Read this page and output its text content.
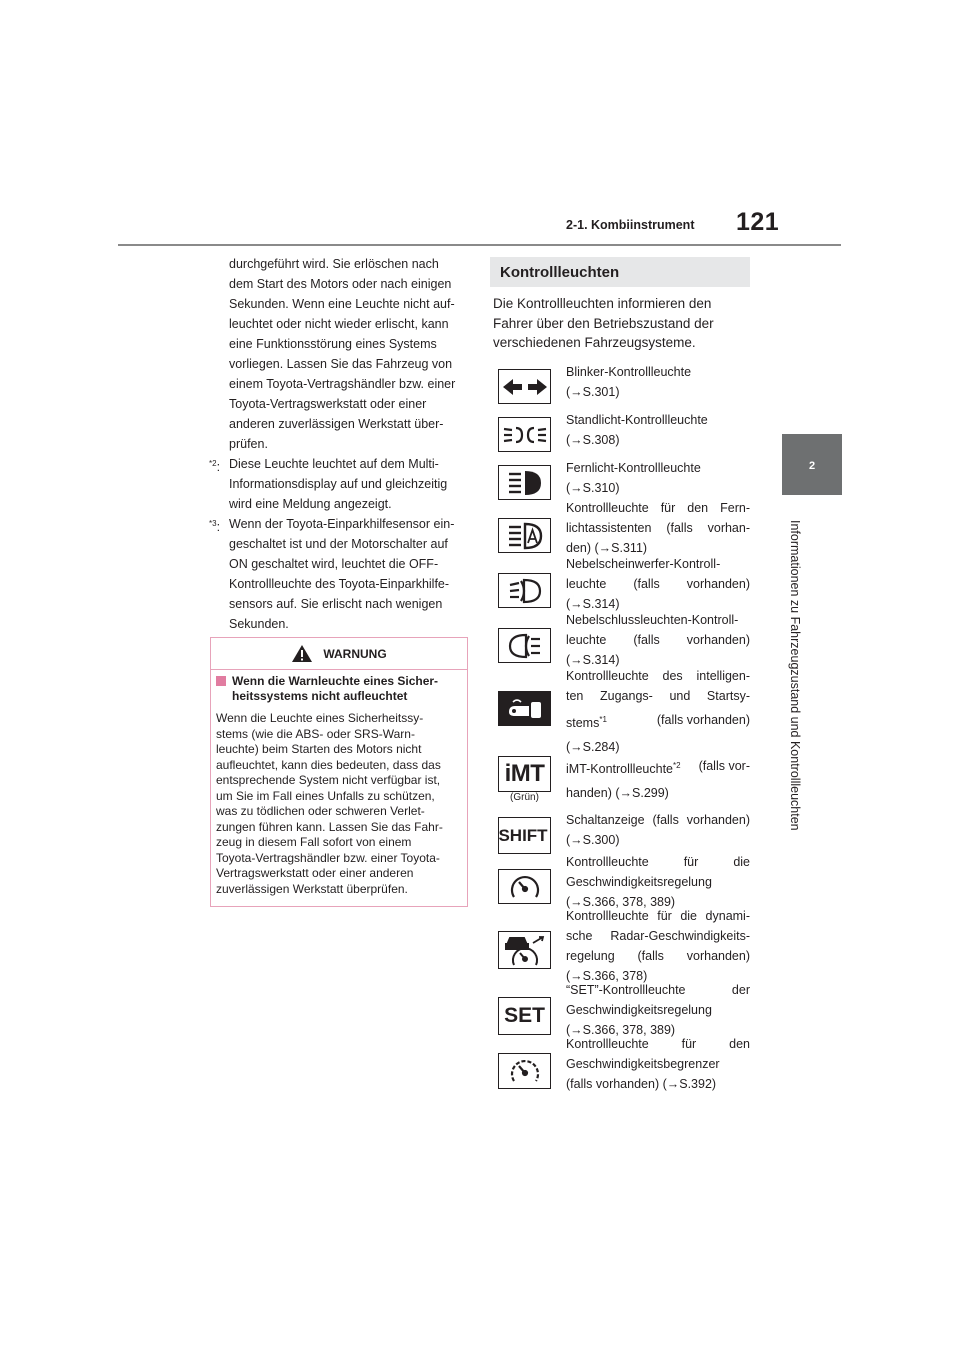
2-1. Kombiinstrument 121
2
Informationen zu Fahrzeugzustand und Kontrollleuchten
durchgeführt wird. Sie erlöschen nach
dem Start des Motors oder nach einigen
Sekunden. Wenn eine Leuchte nicht auf-
leuchtet oder nicht wieder erlischt, kann
eine Funktionsstörung eines Systems
vorliegen. Lassen Sie das Fahrzeug von
einem Toyota-Vertragshändler bzw. einer
Toyota-Vertragswerkstatt oder einer
anderen zuverlässigen Werkstatt über-
prüfen.
$^{*2}$: Diese Leuchte leuchtet auf dem Multi-
Informationsdisplay auf und gleichzeitig
wird eine Meldung angezeigt.
$^{*3}$: Wenn der Toyota-Einparkhilfesensor ein-
geschaltet ist und der Motorschalter auf
ON geschaltet wird, leuchtet die OFF-
Kontrollleuchte des Toyota-Einparkhilfe-
sensors auf. Sie erlischt nach wenigen
Sekunden.
WARNUNG
Wenn die Warnleuchte eines Sicher-
heitssystems nicht aufleuchtet
Wenn die Leuchte eines Sicherheitssy-
stems (wie die ABS- oder SRS-Warn-
leuchte) beim Starten des Motors nicht
aufleuchtet, kann dies bedeuten, dass das
entsprechende System nicht verfügbar ist,
um Sie im Fall eines Unfalls zu schützen,
was zu tödlichen oder schweren Verlet-
zungen führen kann. Lassen Sie das Fahr-
zeug in diesem Fall sofort von einem
Toyota-Vertragshändler bzw. einer Toyota-
Vertragswerkstatt oder einer anderen
zuverlässigen Werkstatt überprüfen.
Kontrollleuchten
Die Kontrollleuchten informieren den
Fahrer über den Betriebszustand der
verschiedenen Fahrzeugsysteme.
Blinker-Kontrollleuchte
(→S.301)
Standlicht-Kontrollleuchte
(→S.308)
Fernlicht-Kontrollleuchte
(→S.310)
Kontrollleuchte für den Fern-
lichtassistenten (falls vorhan-
den) (→S.311)
Nebelscheinwerfer-Kontroll-
leuchte (falls vorhanden)
(→S.314)
Nebelschlussleuchten-Kontroll-
leuchte (falls vorhanden)
(→S.314)
Kontrollleuchte des intelligen-
ten Zugangs- und Startsy-
stems$^{*1}$	(falls vorhanden)
(→S.284)
iMT
(Grün)
iMT-Kontrollleuchte$^{*2}$ (falls vor-
handen) (→S.299)
SHIFT
Schaltanzeige (falls vorhanden)
(→S.300)
Kontrollleuchte für die
Geschwindigkeitsregelung
(→S.366, 378, 389)
Kontrollleuchte für die dynami-
sche Radar-Geschwindigkeits-
regelung (falls vorhanden)
(→S.366, 378)
SET
“SET”-Kontrollleuchte der
Geschwindigkeitsregelung
(→S.366, 378, 389)
Kontrollleuchte für den
Geschwindigkeitsbegrenzer
(falls vorhanden) (→S.392)
